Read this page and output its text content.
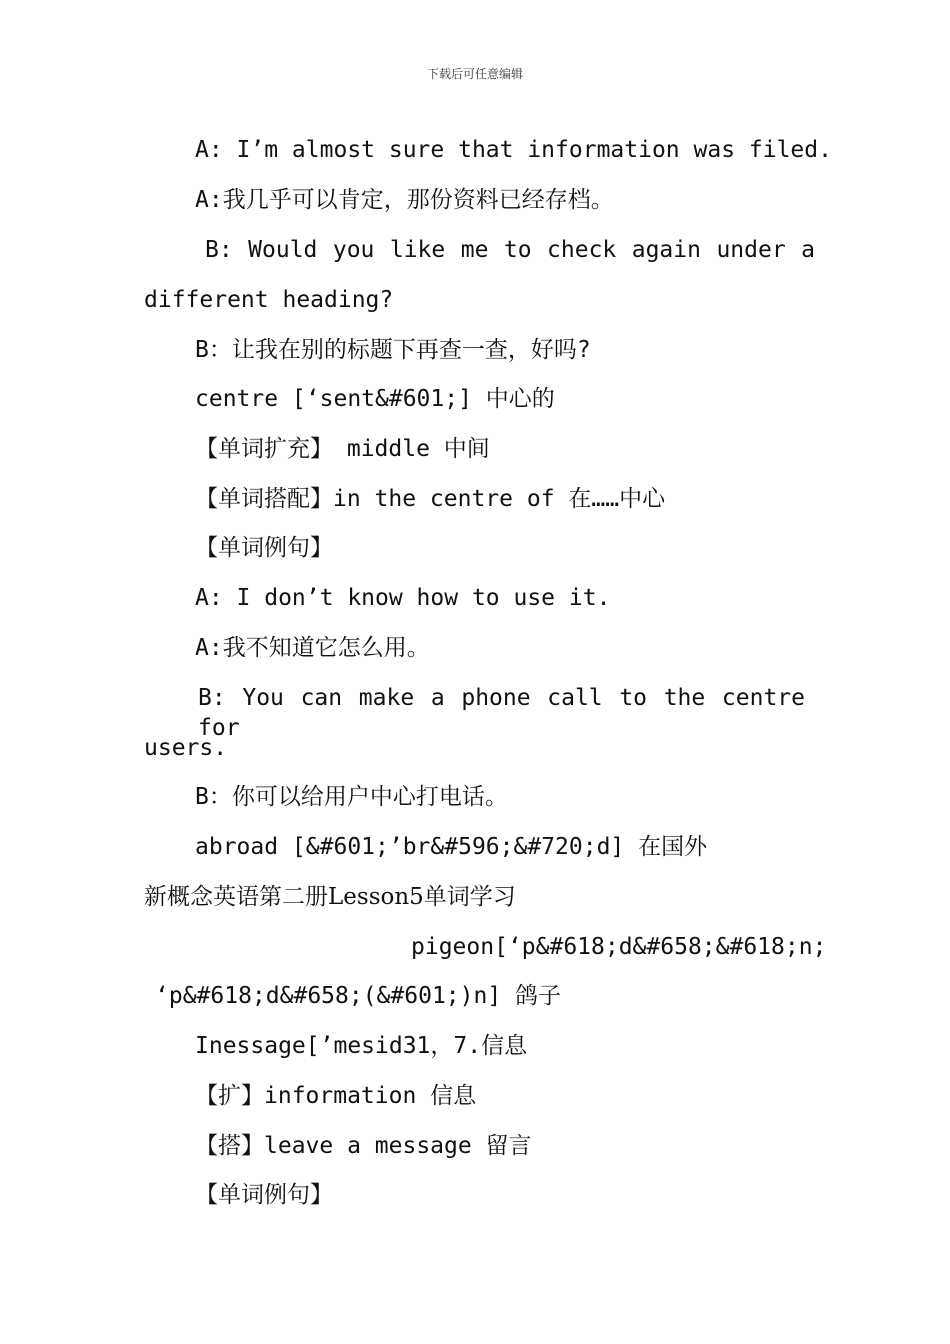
下载后可任意编辑
A: I’m almost sure that information was filed.
A:我几乎可以肯定，那份资料已经存档。
B: Would you like me to check again under a
different heading?
B：让我在别的标题下再查一查，好吗?
centre [‘sent&#601;] 中心的
【单词扩充】 middle 中间
【单词搭配】in the centre of 在……中心
【单词例句】
A: I don’t know how to use it.
A:我不知道它怎么用。
B: You can make a phone call to the centre for
users.
B：你可以给用户中心打电话。
abroad [&#601;’br&#596;&#720;d] 在国外
新概念英语第二册Lesson5单词学习
pigeon[‘p&#618;d&#658;&#618;n;
‘p&#618;d&#658;(&#601;)n] 鸽子
Inessage[’mesid31，7.信息
【扩】information 信息
【搭】leave a message 留言
【单词例句】
